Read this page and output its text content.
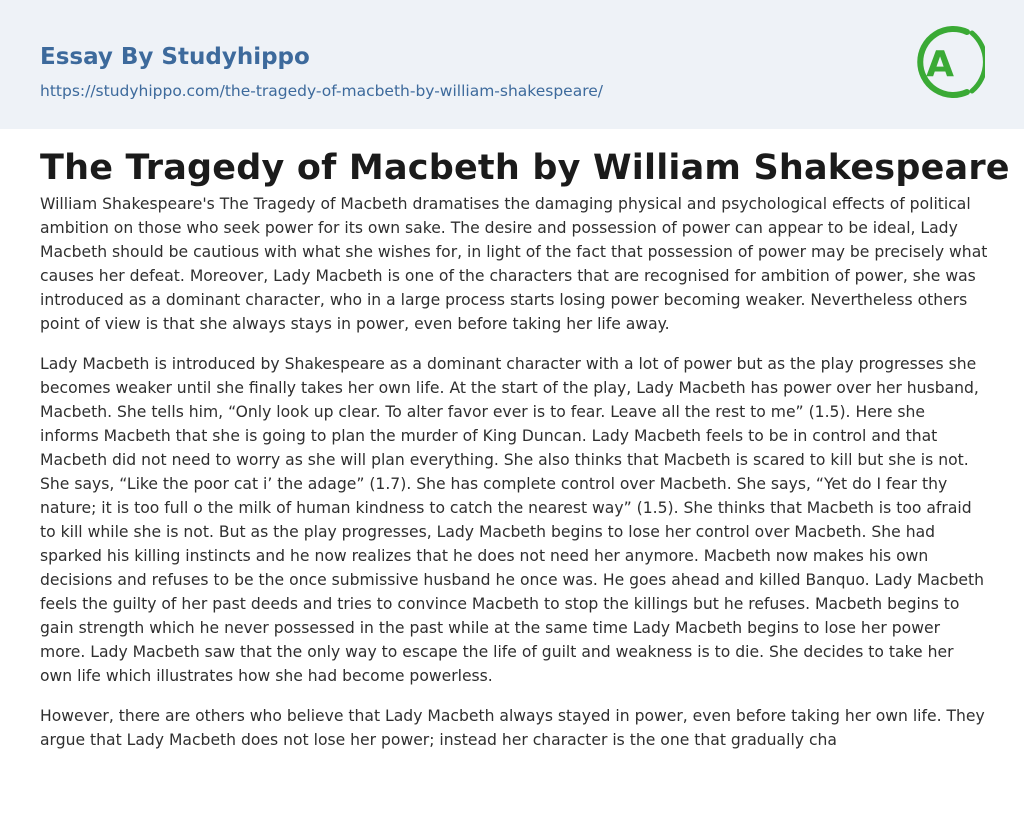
Essay By Studyhippo
https://studyhippo.com/the-tragedy-of-macbeth-by-william-shakespeare/
A
The Tragedy of Macbeth by William Shakespeare

William Shakespeare's The Tragedy of Macbeth dramatises the damaging physical and psychological effects of political ambition on those who seek power for its own sake. The desire and possession of power can appear to be ideal, Lady Macbeth should be cautious with what she wishes for, in light of the fact that possession of power may be precisely what causes her defeat. Moreover, Lady Macbeth is one of the characters that are recognised for ambition of power, she was introduced as a dominant character, who in a large process starts losing power becoming weaker. Nevertheless others point of view is that she always stays in power, even before taking her life away.

Lady Macbeth is introduced by Shakespeare as a dominant character with a lot of power but as the play progresses she becomes weaker until she finally takes her own life. At the start of the play, Lady Macbeth has power over her husband, Macbeth. She tells him, “Only look up clear. To alter favor ever is to fear. Leave all the rest to me” (1.5). Here she informs Macbeth that she is going to plan the murder of King Duncan. Lady Macbeth feels to be in control and that Macbeth did not need to worry as she will plan everything. She also thinks that Macbeth is scared to kill but she is not. She says, “Like the poor cat i’ the adage” (1.7). She has complete control over Macbeth. She says, “Yet do I fear thy nature; it is too full o the milk of human kindness to catch the nearest way” (1.5). She thinks that Macbeth is too afraid to kill while she is not. But as the play progresses, Lady Macbeth begins to lose her control over Macbeth. She had sparked his killing instincts and he now realizes that he does not need her anymore. Macbeth now makes his own decisions and refuses to be the once submissive husband he once was. He goes ahead and killed Banquo. Lady Macbeth feels the guilty of her past deeds and tries to convince Macbeth to stop the killings but he refuses. Macbeth begins to gain strength which he never possessed in the past while at the same time Lady Macbeth begins to lose her power more. Lady Macbeth saw that the only way to escape the life of guilt and weakness is to die. She decides to take her own life which illustrates how she had become powerless.

However, there are others who believe that Lady Macbeth always stayed in power, even before taking her own life. They argue that Lady Macbeth does not lose her power; instead her character is the one that gradually cha
